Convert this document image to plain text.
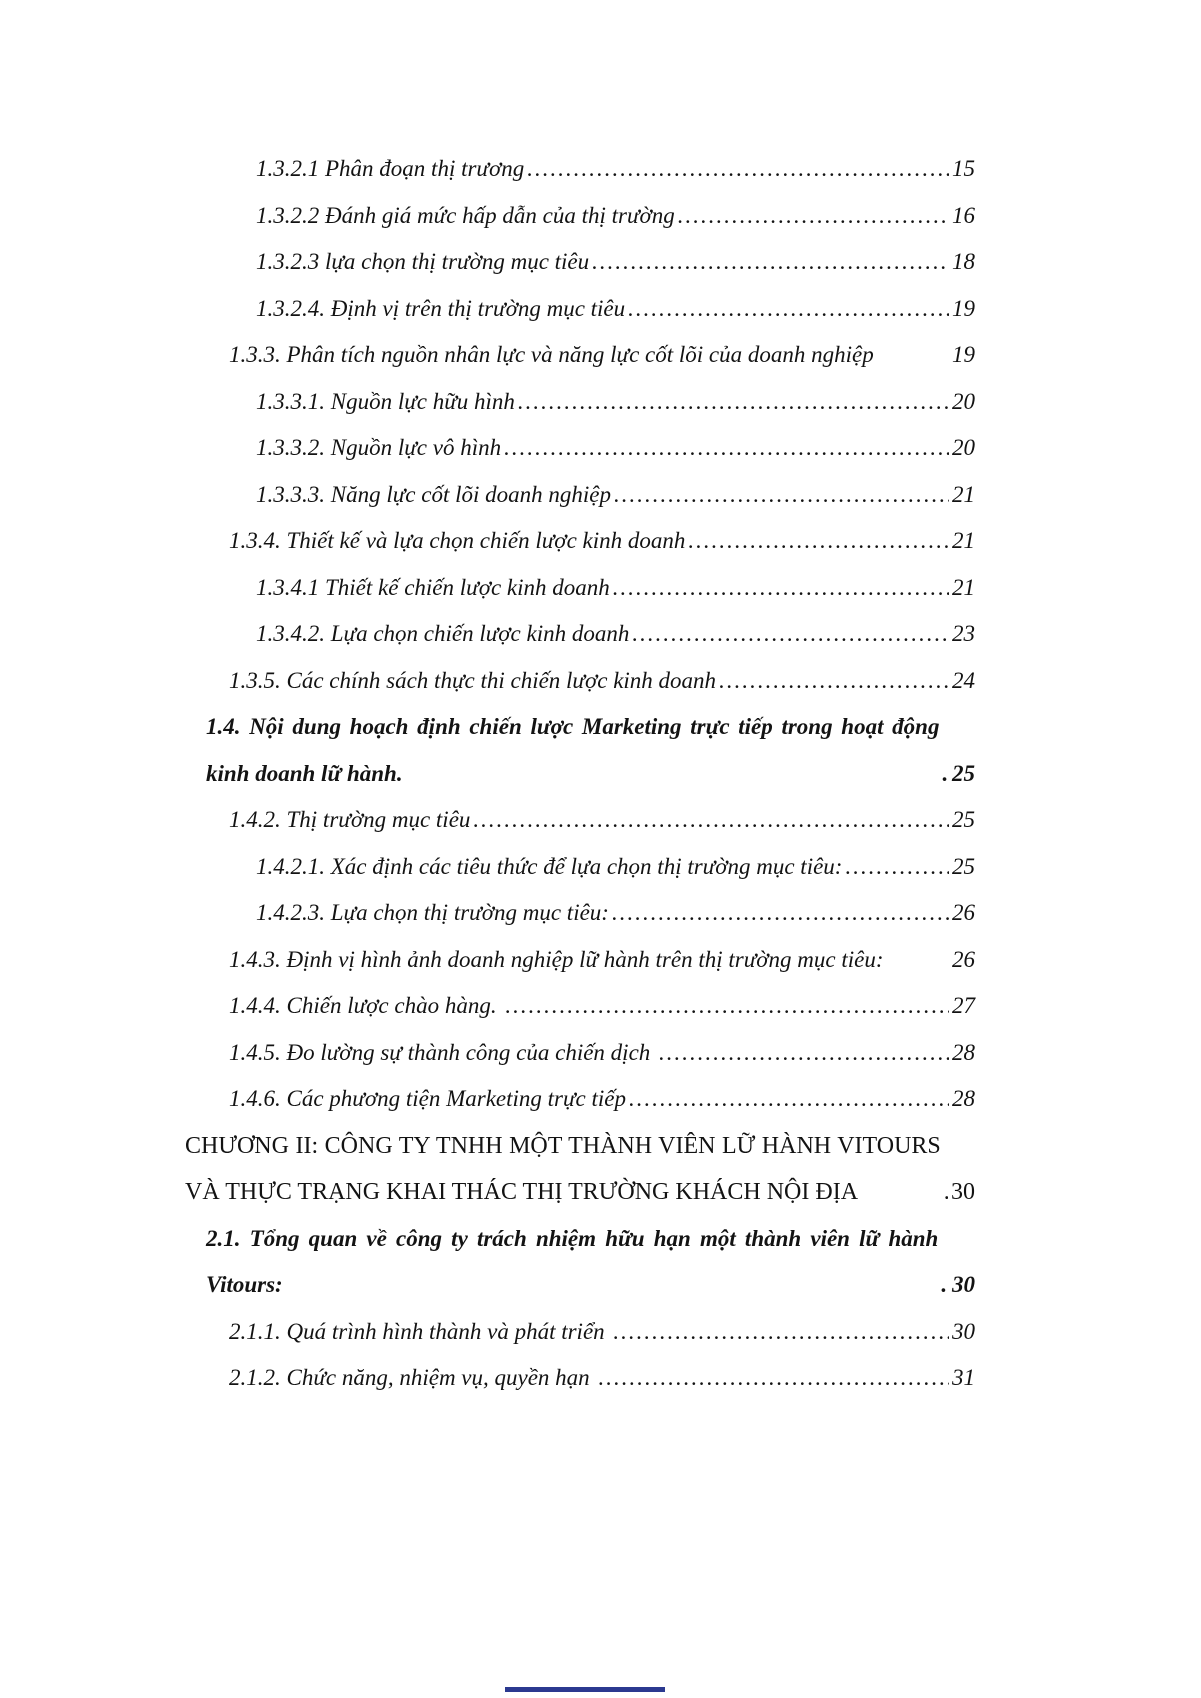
1.3.2.1 Phân đoạn thị trương .....	15
1.3.2.2 Đánh giá mức hấp dẫn của thị trường .....	16
1.3.2.3 lựa chọn thị trường mục tiêu .....	18
1.3.2.4. Định vị trên thị trường mục tiêu .....	19
1.3.3. Phân tích nguồn nhân lực và năng lực cốt lõi của doanh nghiệp	19
1.3.3.1. Nguồn lực hữu hình .....	20
1.3.3.2. Nguồn lực vô hình .....	20
1.3.3.3. Năng lực cốt lõi doanh nghiệp .....	21
1.3.4. Thiết kế và lựa chọn chiến lược kinh doanh .....	21
1.3.4.1 Thiết kế chiến lược kinh doanh .....	21
1.3.4.2. Lựa chọn chiến lược kinh doanh .....	23
1.3.5. Các chính sách thực thi chiến lược kinh doanh .....	24
1.4. Nội dung hoạch định chiến lược Marketing trực tiếp trong hoạt động kinh doanh lữ hành. .....	25
1.4.2. Thị trường mục tiêu .....	25
1.4.2.1. Xác định các tiêu thức để lựa chọn thị trường mục tiêu: .....	25
1.4.2.3. Lựa chọn thị trường mục tiêu: .....	26
1.4.3. Định vị hình ảnh doanh nghiệp lữ hành trên thị trường mục tiêu:	26
1.4.4. Chiến lược chào hàng. .....	27
1.4.5. Đo lường sự thành công của chiến dịch .....	28
1.4.6. Các phương tiện Marketing trực tiếp .....	28
CHƯƠNG II: CÔNG TY TNHH MỘT THÀNH VIÊN LỮ HÀNH VITOURS VÀ THỰC TRẠNG KHAI THÁC THỊ TRƯỜNG KHÁCH NỘI ĐỊA .....	30
2.1. Tổng quan về công ty trách nhiệm hữu hạn một thành viên lữ hành Vitours: .....	30
2.1.1. Quá trình hình thành và phát triển .....	30
2.1.2. Chức năng, nhiệm vụ, quyền hạn .....	31
